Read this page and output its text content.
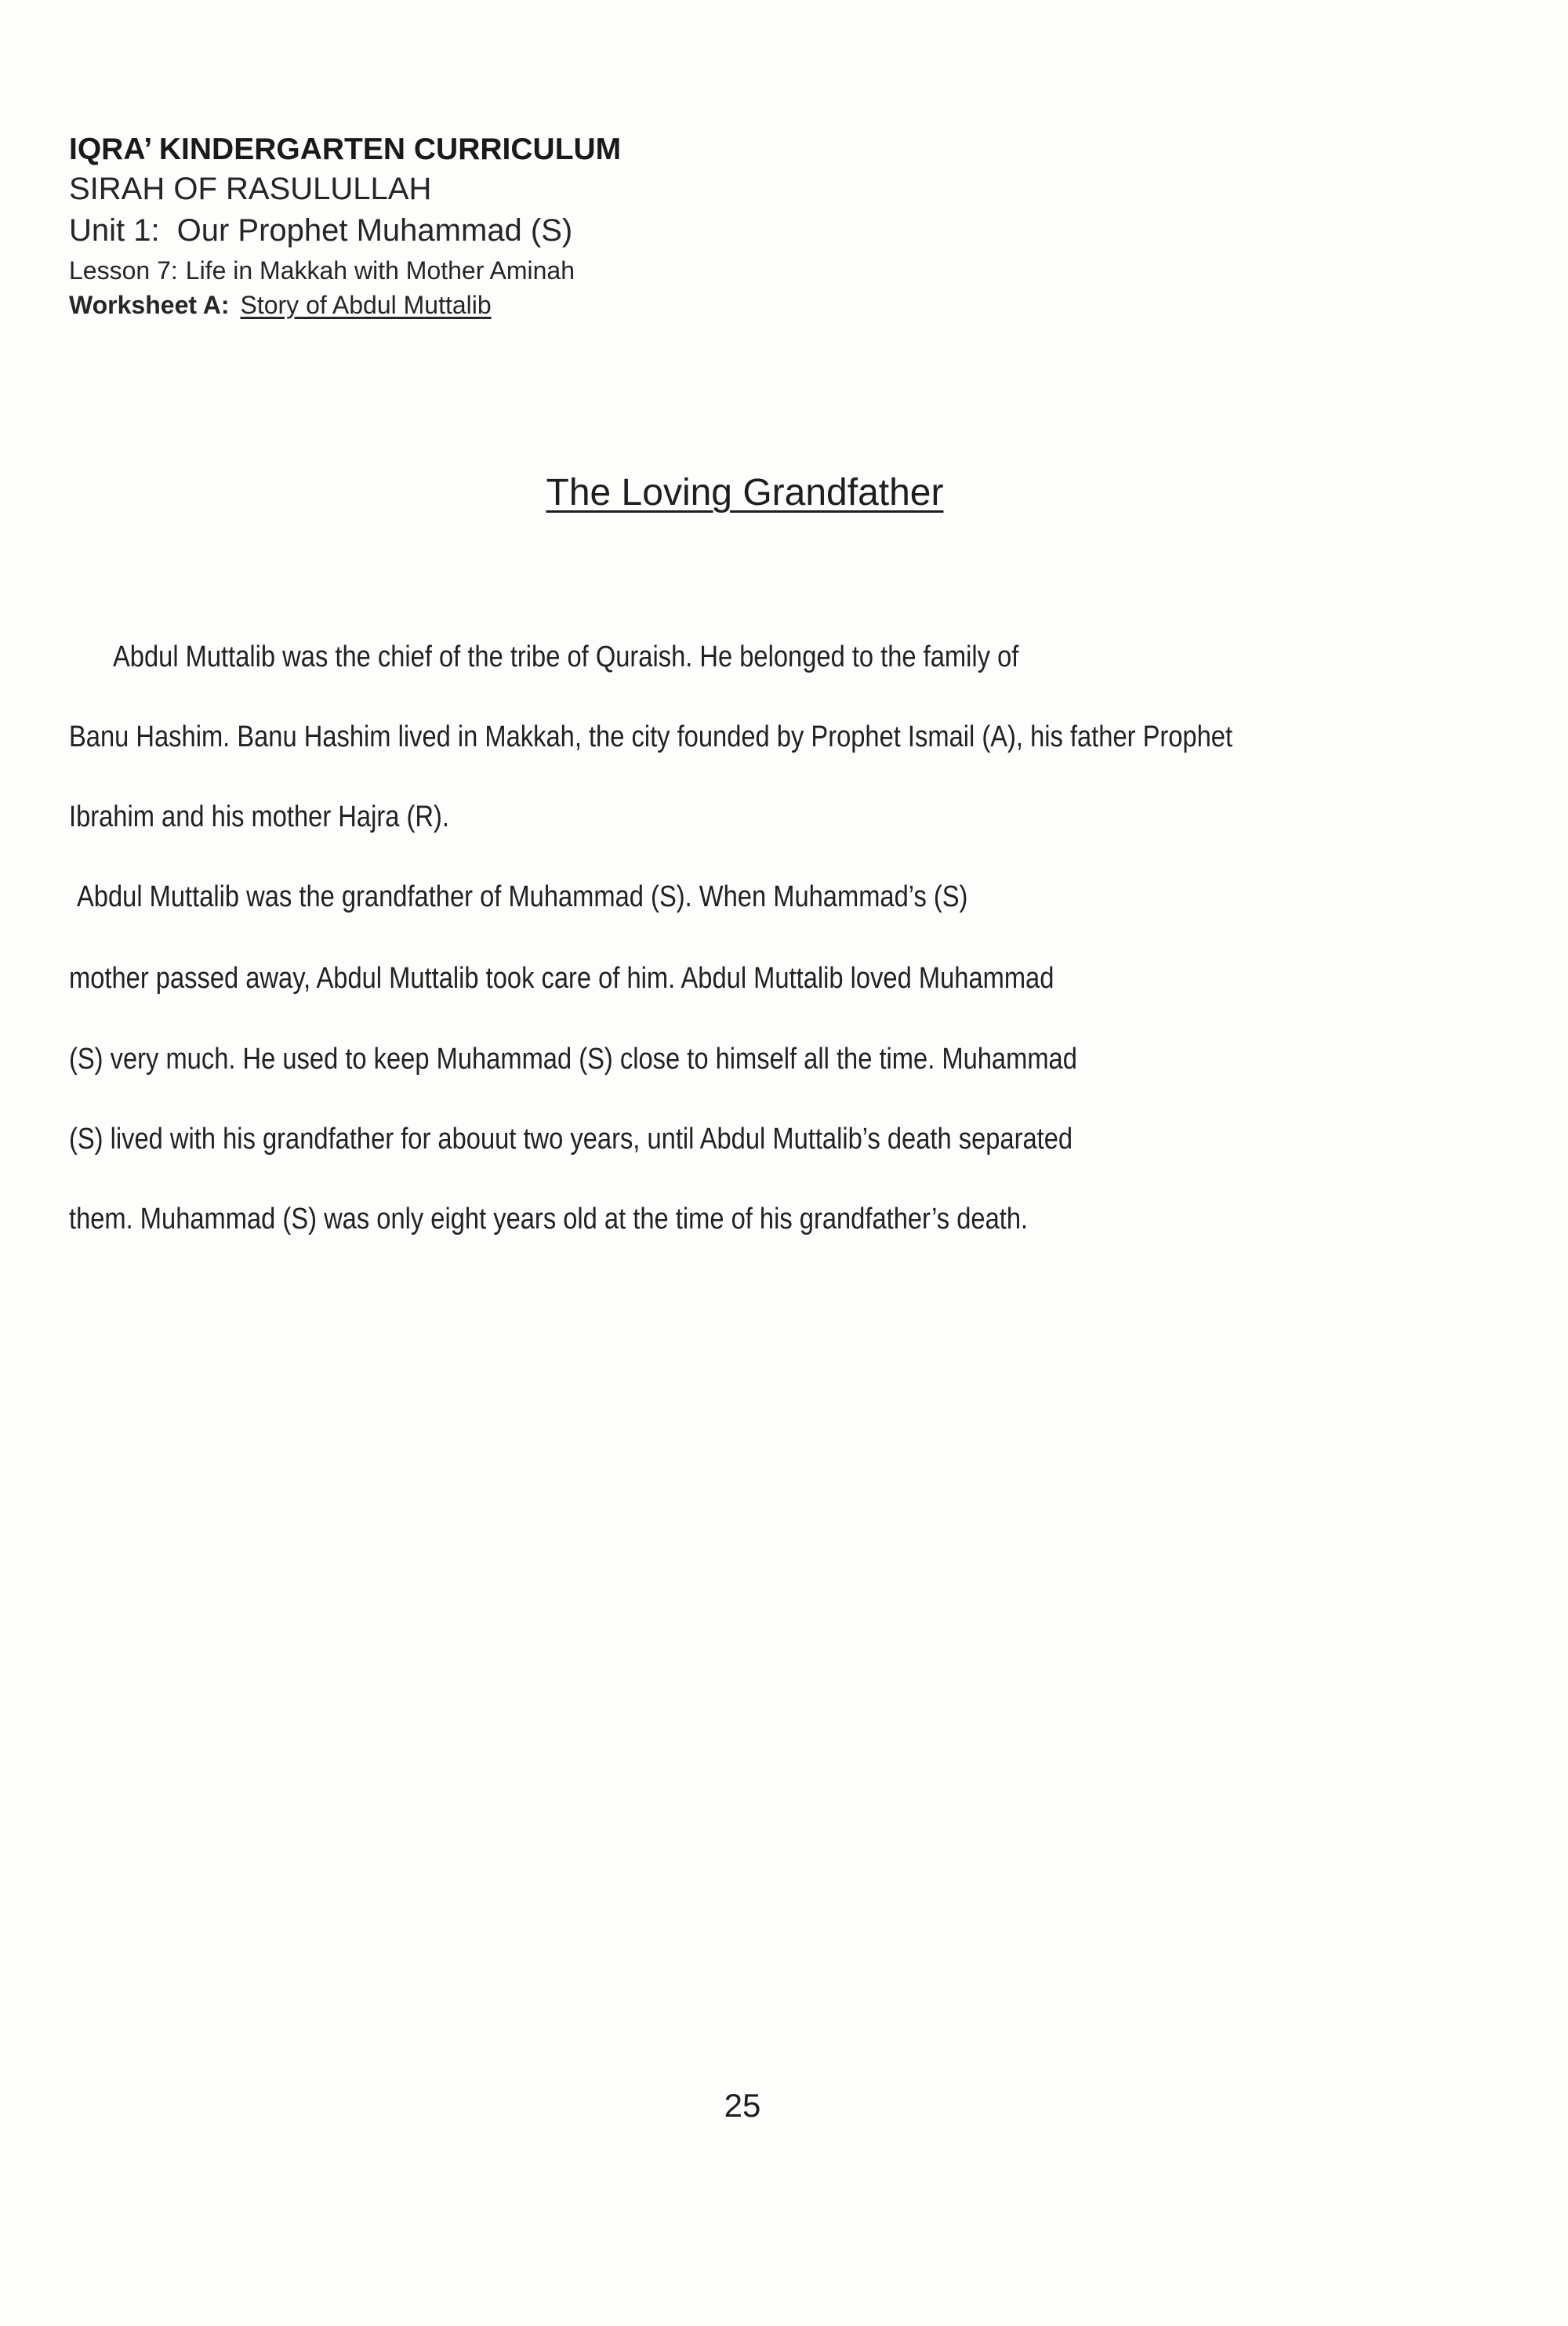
IQRA’ KINDERGARTEN CURRICULUM
SIRAH OF RASULULLAH
Unit 1: Our Prophet Muhammad (S)
Lesson 7: Life in Makkah with Mother Aminah
Worksheet A: Story of Abdul Muttalib
The Loving Grandfather
Abdul Muttalib was the chief of the tribe of Quraish. He belonged to the family of
Banu Hashim. Banu Hashim lived in Makkah, the city founded by Prophet Ismail (A), his father Prophet
Ibrahim and his mother Hajra (R).
Abdul Muttalib was the grandfather of Muhammad (S). When Muhammad’s (S)
mother passed away, Abdul Muttalib took care of him. Abdul Muttalib loved Muhammad
(S) very much. He used to keep Muhammad (S) close to himself all the time. Muhammad
(S) lived with his grandfather for abouut two years, until Abdul Muttalib’s death separated
them. Muhammad (S) was only eight years old at the time of his grandfather’s death.
25
